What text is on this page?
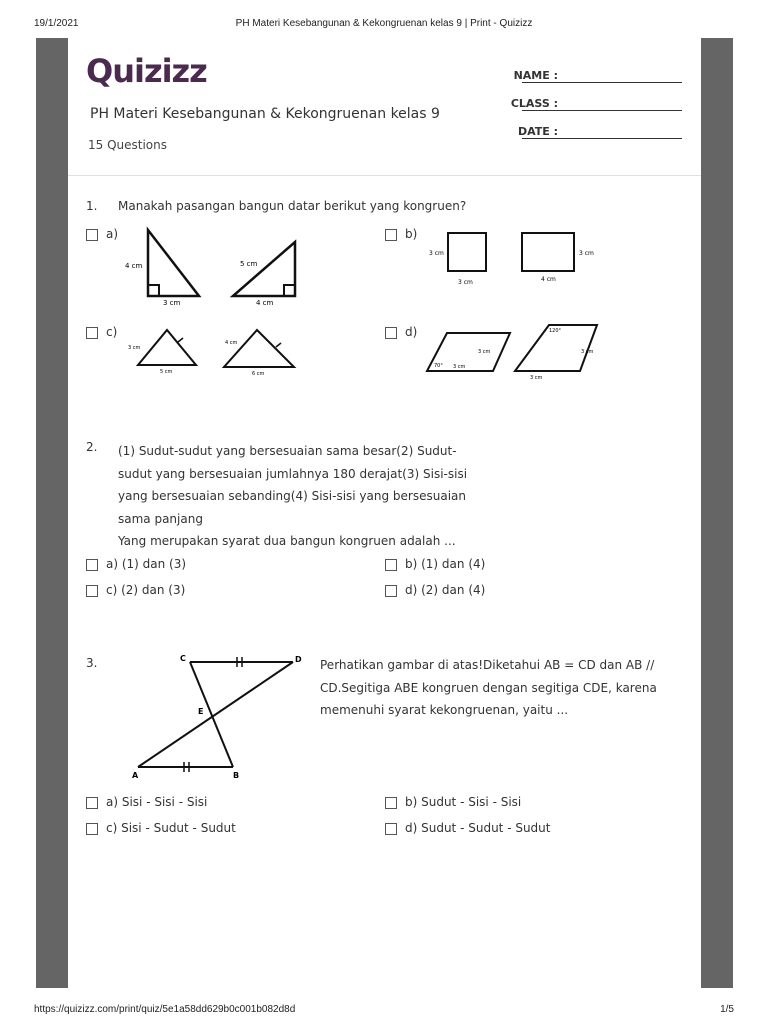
19/1/2021	PH Materi Kesebangunan & Kekongruenan kelas 9 | Print - Quizizz
Quizizz
PH Materi Kesebangunan & Kekongruenan kelas 9
15 Questions
NAME :
CLASS :
DATE :
1. Manakah pasangan bangun datar berikut yang kongruen?
a)
4 cm
3 cm
5 cm
4 cm
b)
3 cm
3 cm
3 cm
4 cm
c)
3 cm
5 cm
4 cm
6 cm
d)
3 cm
3 cm
70°
3 cm
3 cm
120°
2. (1) Sudut-sudut yang bersesuaian sama besar(2) Sudut-
sudut yang bersesuaian jumlahnya 180 derajat(3) Sisi-sisi
yang bersesuaian sebanding(4) Sisi-sisi yang bersesuaian
sama panjang
Yang merupakan syarat dua bangun kongruen adalah ...
a) (1) dan (3)	b) (1) dan (4)
c) (2) dan (3)	d) (2) dan (4)
3.	C	D
E
A	B
Perhatikan gambar di atas!Diketahui AB = CD dan AB //
CD.Segitiga ABE kongruen dengan segitiga CDE, karena
memenuhi syarat kekongruenan, yaitu ...
a) Sisi - Sisi - Sisi	b) Sudut - Sisi - Sisi
c) Sisi - Sudut - Sudut	d) Sudut - Sudut - Sudut
https://quizizz.com/print/quiz/5e1a58dd629b0c001b082d8d	1/5
